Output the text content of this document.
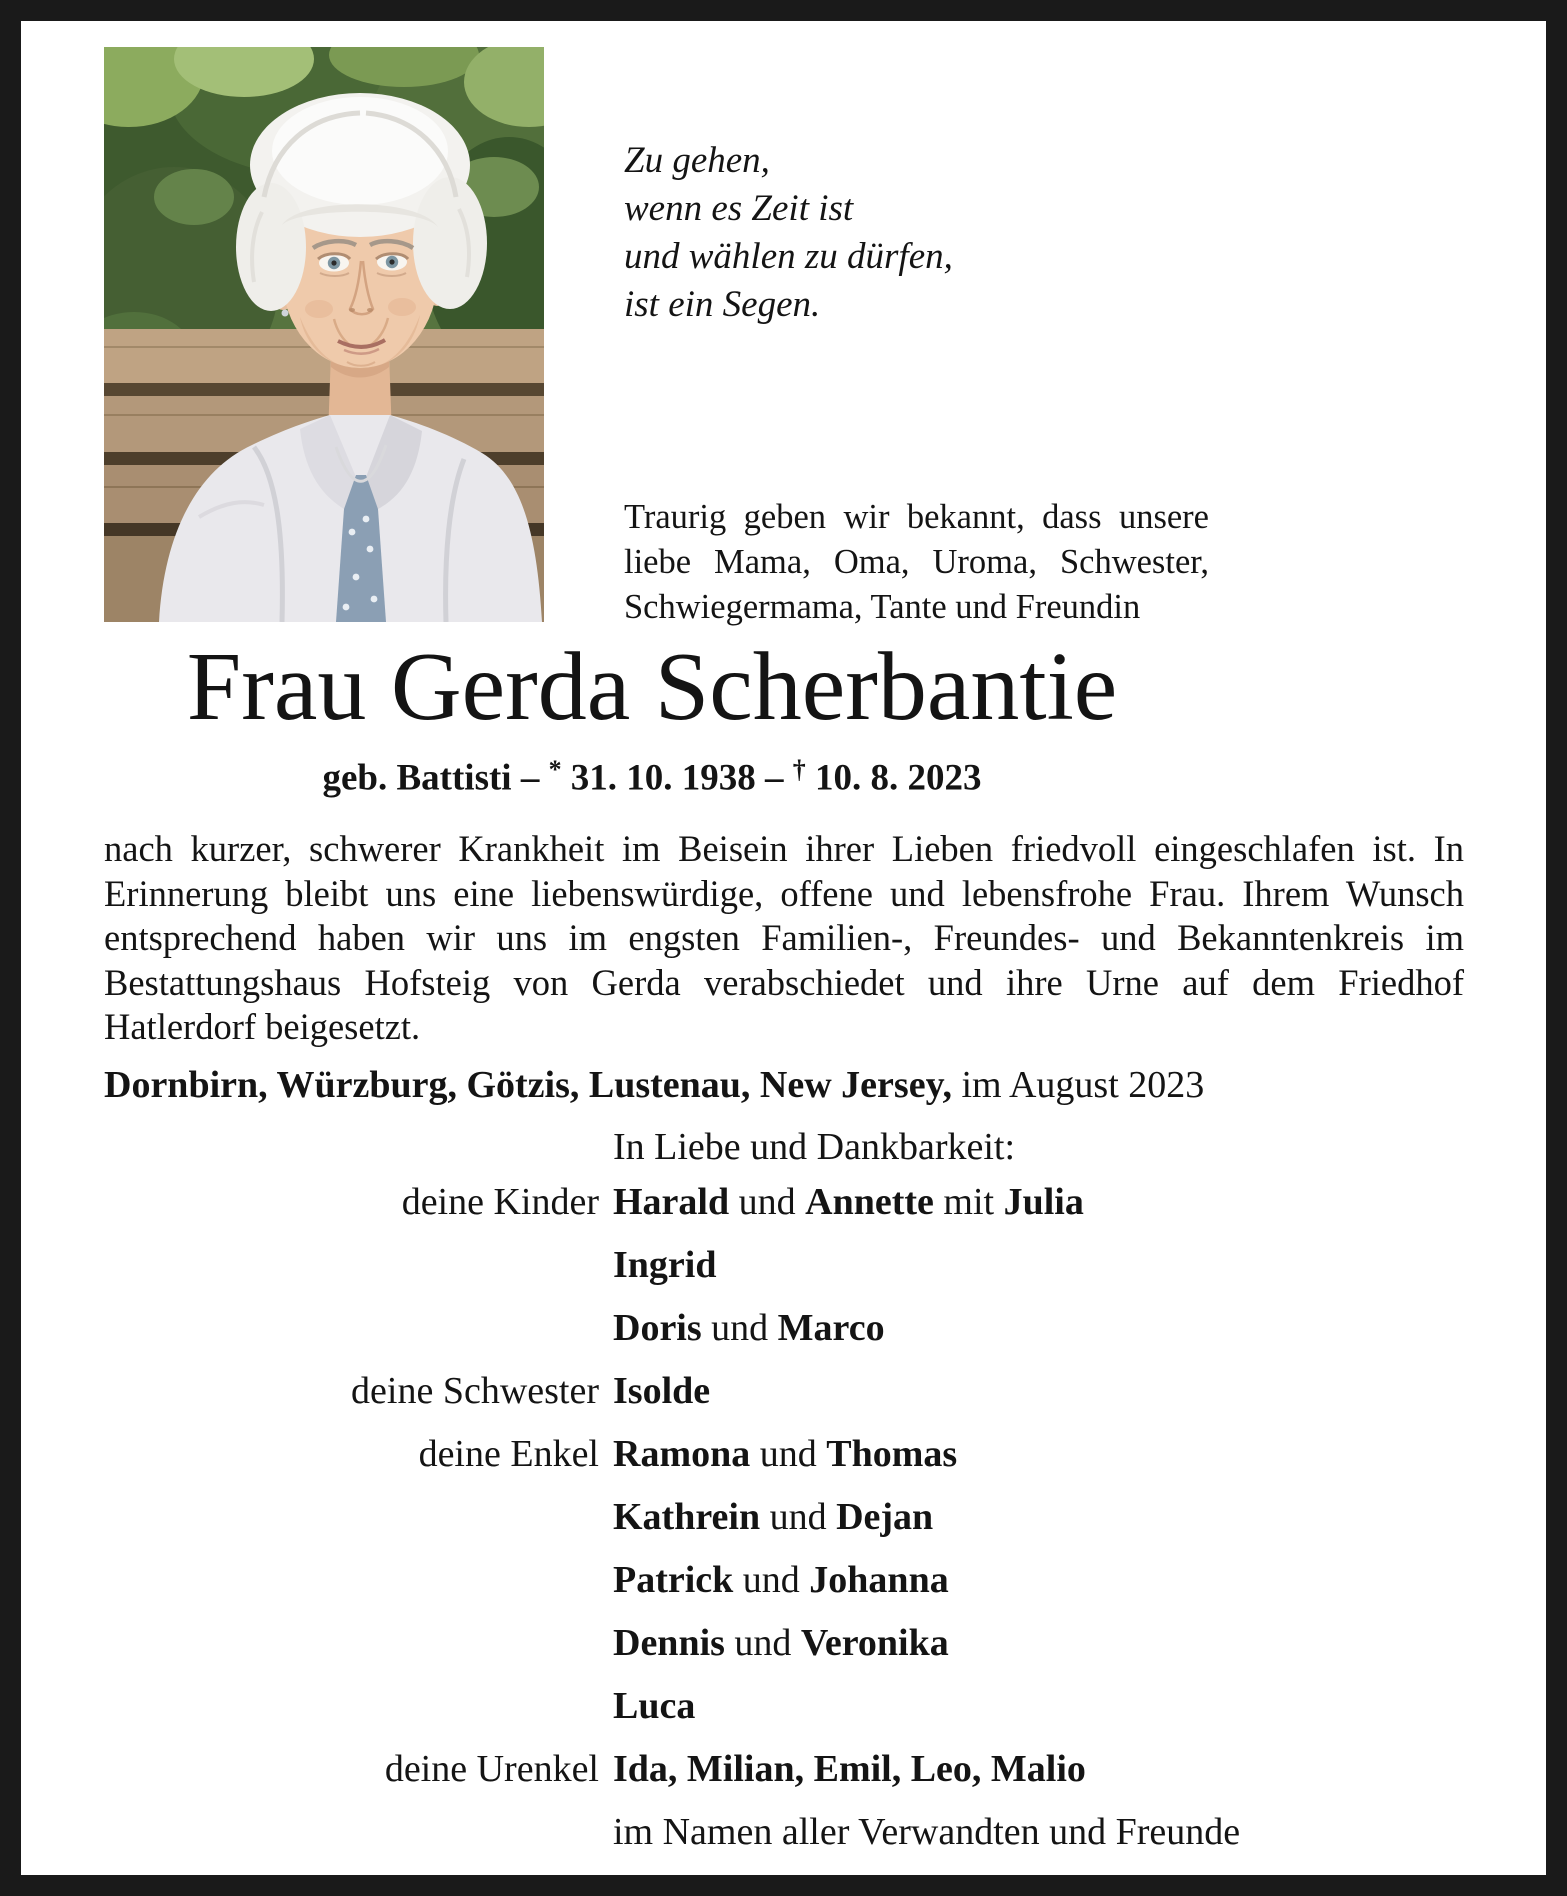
Zu gehen,
wenn es Zeit ist
und wählen zu dürfen,
ist ein Segen.
Traurig geben wir bekannt, dass unsere liebe Mama, Oma, Uroma, Schwester, Schwiegermama, Tante und Freundin
Frau Gerda Scherbantie
geb. Battisti – * 31. 10. 1938 – † 10. 8. 2023
nach kurzer, schwerer Krankheit im Beisein ihrer Lieben friedvoll eingeschlafen ist. In Erinnerung bleibt uns eine liebenswürdige, offene und lebensfrohe Frau. Ihrem Wunsch entsprechend haben wir uns im engsten Familien-, Freundes- und Bekanntenkreis im Bestattungshaus Hofsteig von Gerda verabschiedet und ihre Urne auf dem Friedhof Hatlerdorf beigesetzt.
Dornbirn, Würzburg, Götzis, Lustenau, New Jersey, im August 2023
In Liebe und Dankbarkeit:
deine Kinder Harald und Annette mit Julia
Ingrid
Doris und Marco
deine Schwester Isolde
deine Enkel Ramona und Thomas
Kathrein und Dejan
Patrick und Johanna
Dennis und Veronika
Luca
deine Urenkel Ida, Milian, Emil, Leo, Malio
im Namen aller Verwandten und Freunde
